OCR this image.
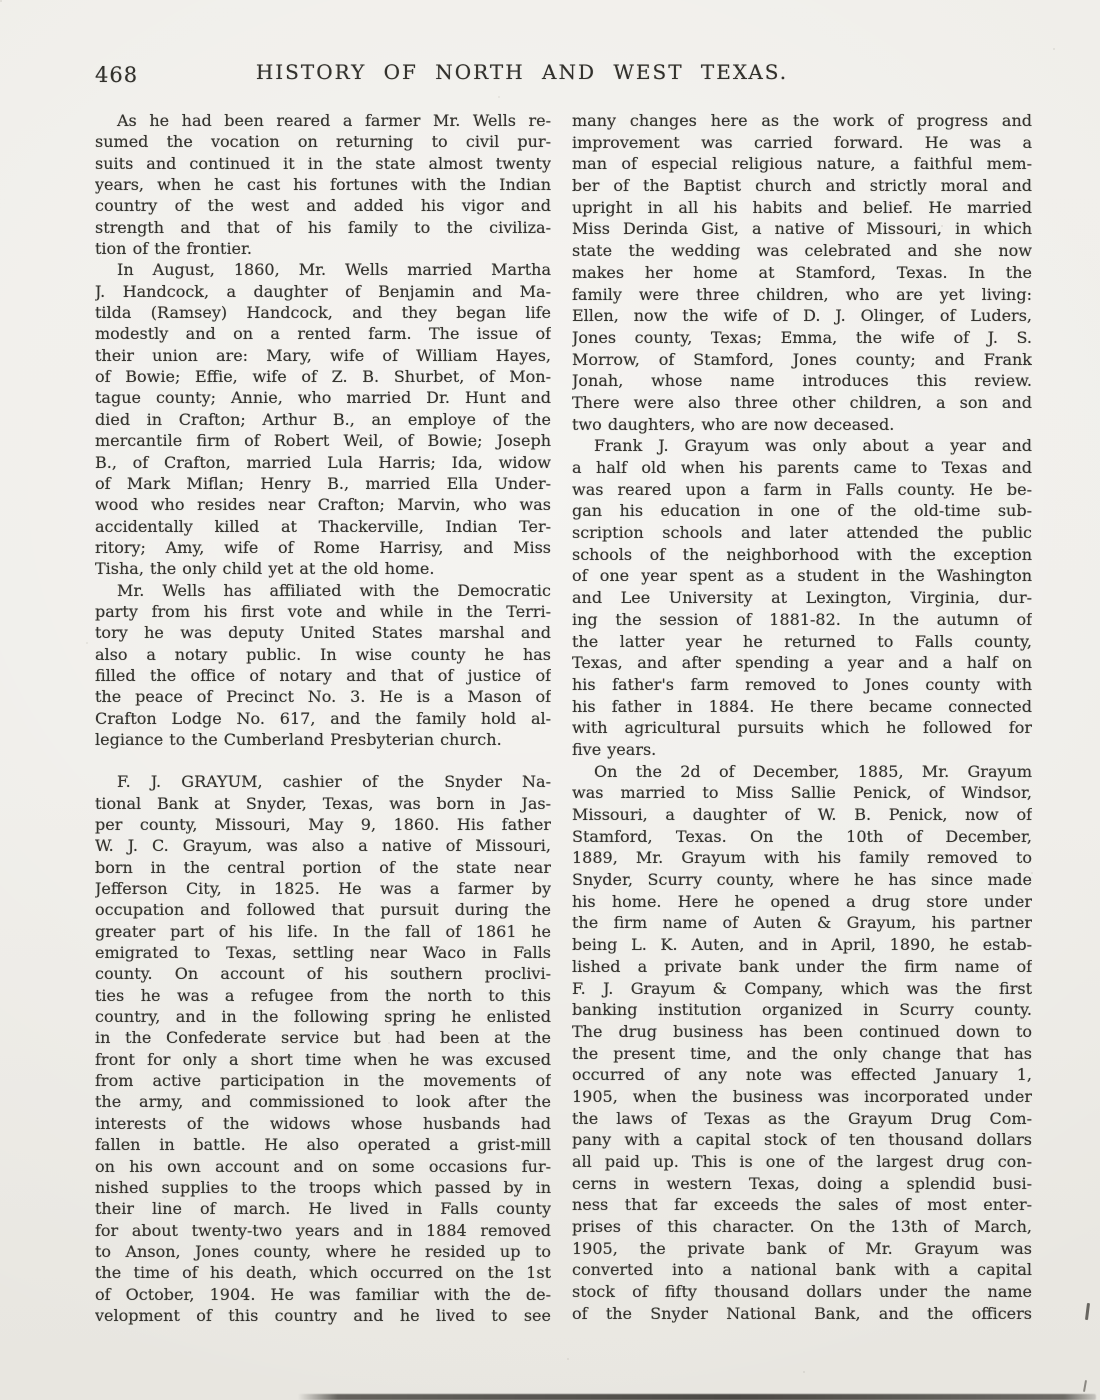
468	HISTORY OF NORTH AND WEST TEXAS.
As he had been reared a farmer Mr. Wells re-
sumed the vocation on returning to civil pur-
suits and continued it in the state almost twenty
years, when he cast his fortunes with the Indian
country of the west and added his vigor and
strength and that of his family to the civiliza-
tion of the frontier.
In August, 1860, Mr. Wells married Martha
J. Handcock, a daughter of Benjamin and Ma-
tilda (Ramsey) Handcock, and they began life
modestly and on a rented farm. The issue of
their union are: Mary, wife of William Hayes,
of Bowie; Effie, wife of Z. B. Shurbet, of Mon-
tague county; Annie, who married Dr. Hunt and
died in Crafton; Arthur B., an employe of the
mercantile firm of Robert Weil, of Bowie; Joseph
B., of Crafton, married Lula Harris; Ida, widow
of Mark Miflan; Henry B., married Ella Under-
wood who resides near Crafton; Marvin, who was
accidentally killed at Thackerville, Indian Ter-
ritory; Amy, wife of Rome Harrisy, and Miss
Tisha, the only child yet at the old home.
Mr. Wells has affiliated with the Democratic
party from his first vote and while in the Terri-
tory he was deputy United States marshal and
also a notary public. In wise county he has
filled the office of notary and that of justice of
the peace of Precinct No. 3. He is a Mason of
Crafton Lodge No. 617, and the family hold al-
legiance to the Cumberland Presbyterian church.
F. J. GRAYUM, cashier of the Snyder Na-
tional Bank at Snyder, Texas, was born in Jas-
per county, Missouri, May 9, 1860. His father
W. J. C. Grayum, was also a native of Missouri,
born in the central portion of the state near
Jefferson City, in 1825. He was a farmer by
occupation and followed that pursuit during the
greater part of his life. In the fall of 1861 he
emigrated to Texas, settling near Waco in Falls
county. On account of his southern proclivi-
ties he was a refugee from the north to this
country, and in the following spring he enlisted
in the Confederate service but had been at the
front for only a short time when he was excused
from active participation in the movements of
the army, and commissioned to look after the
interests of the widows whose husbands had
fallen in battle. He also operated a grist-mill
on his own account and on some occasions fur-
nished supplies to the troops which passed by in
their line of march. He lived in Falls county
for about twenty-two years and in 1884 removed
to Anson, Jones county, where he resided up to
the time of his death, which occurred on the 1st
of October, 1904. He was familiar with the de-
velopment of this country and he lived to see
many changes here as the work of progress and
improvement was carried forward. He was a
man of especial religious nature, a faithful mem-
ber of the Baptist church and strictly moral and
upright in all his habits and belief. He married
Miss Derinda Gist, a native of Missouri, in which
state the wedding was celebrated and she now
makes her home at Stamford, Texas. In the
family were three children, who are yet living:
Ellen, now the wife of D. J. Olinger, of Luders,
Jones county, Texas; Emma, the wife of J. S.
Morrow, of Stamford, Jones county; and Frank
Jonah, whose name introduces this review.
There were also three other children, a son and
two daughters, who are now deceased.
Frank J. Grayum was only about a year and
a half old when his parents came to Texas and
was reared upon a farm in Falls county. He be-
gan his education in one of the old-time sub-
scription schools and later attended the public
schools of the neighborhood with the exception
of one year spent as a student in the Washington
and Lee University at Lexington, Virginia, dur-
ing the session of 1881-82. In the autumn of
the latter year he returned to Falls county,
Texas, and after spending a year and a half on
his father's farm removed to Jones county with
his father in 1884. He there became connected
with agricultural pursuits which he followed for
five years.
On the 2d of December, 1885, Mr. Grayum
was married to Miss Sallie Penick, of Windsor,
Missouri, a daughter of W. B. Penick, now of
Stamford, Texas. On the 10th of December,
1889, Mr. Grayum with his family removed to
Snyder, Scurry county, where he has since made
his home. Here he opened a drug store under
the firm name of Auten & Grayum, his partner
being L. K. Auten, and in April, 1890, he estab-
lished a private bank under the firm name of
F. J. Grayum & Company, which was the first
banking institution organized in Scurry county.
The drug business has been continued down to
the present time, and the only change that has
occurred of any note was effected January 1,
1905, when the business was incorporated under
the laws of Texas as the Grayum Drug Com-
pany with a capital stock of ten thousand dollars
all paid up. This is one of the largest drug con-
cerns in western Texas, doing a splendid busi-
ness that far exceeds the sales of most enter-
prises of this character. On the 13th of March,
1905, the private bank of Mr. Grayum was
converted into a national bank with a capital
stock of fifty thousand dollars under the name
of the Snyder National Bank, and the officers
